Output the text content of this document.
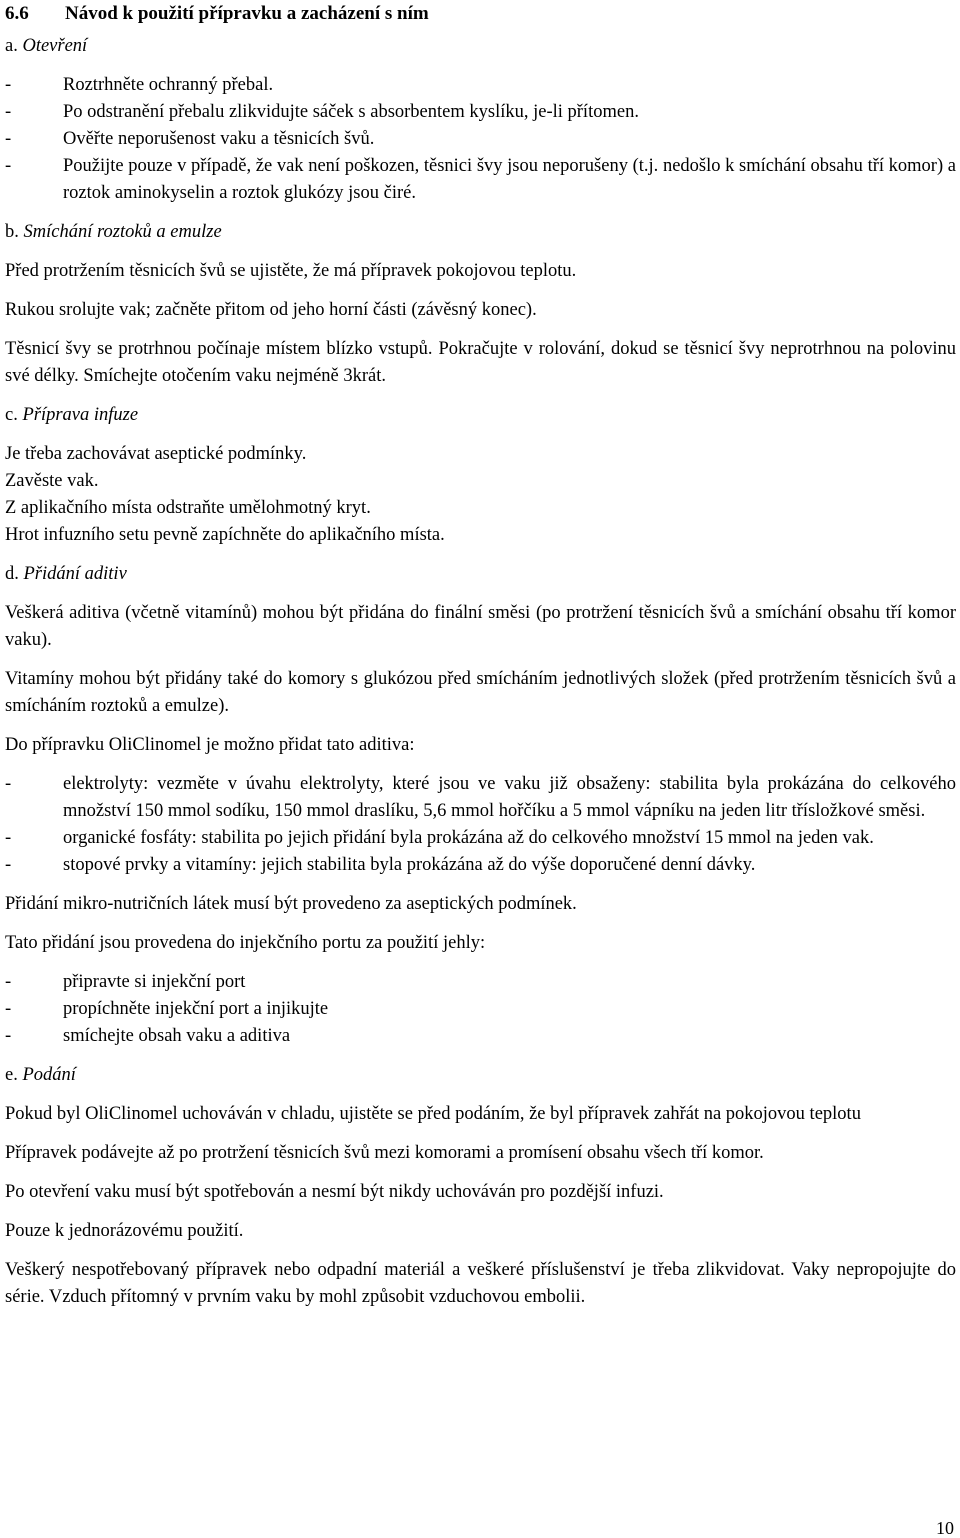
6.6 Návod k použití přípravku a zacházení s ním

a. Otevření

-	Roztrhněte ochranný přebal.
-	Po odstranění přebalu zlikvidujte sáček s absorbentem kyslíku, je-li přítomen.
-	Ověřte neporušenost vaku a těsnicích švů.
-	Použijte pouze v případě, že vak není poškozen, těsnici švy jsou neporušeny (t.j. nedošlo k smíchání obsahu tří komor) a roztok aminokyselin a roztok glukózy jsou čiré.

b. Smíchání roztoků a emulze

Před protržením těsnicích švů se ujistěte, že má přípravek pokojovou teplotu.

Rukou srolujte vak; začněte přitom od jeho horní části (závěsný konec).

Těsnicí švy se protrhnou počínaje místem blízko vstupů. Pokračujte v rolování, dokud se těsnicí švy neprotrhnou na polovinu své délky. Smíchejte otočením vaku nejméně 3krát.

c. Příprava infuze

Je třeba zachovávat aseptické podmínky.

Zavěste vak.

Z aplikačního místa odstraňte umělohmotný kryt.

Hrot infuzního setu pevně zapíchněte do aplikačního místa.

d. Přidání aditiv

Veškerá aditiva (včetně vitamínů) mohou být přidána do finální směsi (po protržení těsnicích švů a smíchání obsahu tří komor vaku).

Vitamíny mohou být přidány také do komory s glukózou před smícháním jednotlivých složek (před protržením těsnicích švů a smícháním roztoků a emulze).

Do přípravku OliClinomel je možno přidat tato aditiva:

-	elektrolyty: vezměte v úvahu elektrolyty, které jsou ve vaku již obsaženy: stabilita byla prokázána do celkového množství 150 mmol sodíku, 150 mmol draslíku, 5,6 mmol hořčíku a 5 mmol vápníku na jeden litr třísložkové směsi.
-	organické fosfáty: stabilita po jejich přidání byla prokázána až do celkového množství 15 mmol na jeden vak.
-	stopové prvky a vitamíny: jejich stabilita byla prokázána až do výše doporučené denní dávky.

Přidání mikro-nutričních látek musí být provedeno za aseptických podmínek.

Tato přidání jsou provedena do injekčního portu za použití jehly:

-	připravte si injekční port
-	propíchněte injekční port a injikujte
-	smíchejte obsah vaku a aditiva

e. Podání

Pokud byl OliClinomel uchováván v chladu, ujistěte se před podáním, že byl přípravek zahřát na pokojovou teplotu

Přípravek podávejte až po protržení těsnicích švů mezi komorami a promísení obsahu všech tří komor.

Po otevření vaku musí být spotřebován a nesmí být nikdy uchováván pro pozdější infuzi.

Pouze k jednorázovému použití.

Veškerý nespotřebovaný přípravek nebo odpadní materiál a veškeré příslušenství je třeba zlikvidovat. Vaky nepropojujte do série. Vzduch přítomný v prvním vaku by mohl způsobit vzduchovou embolii.

10
